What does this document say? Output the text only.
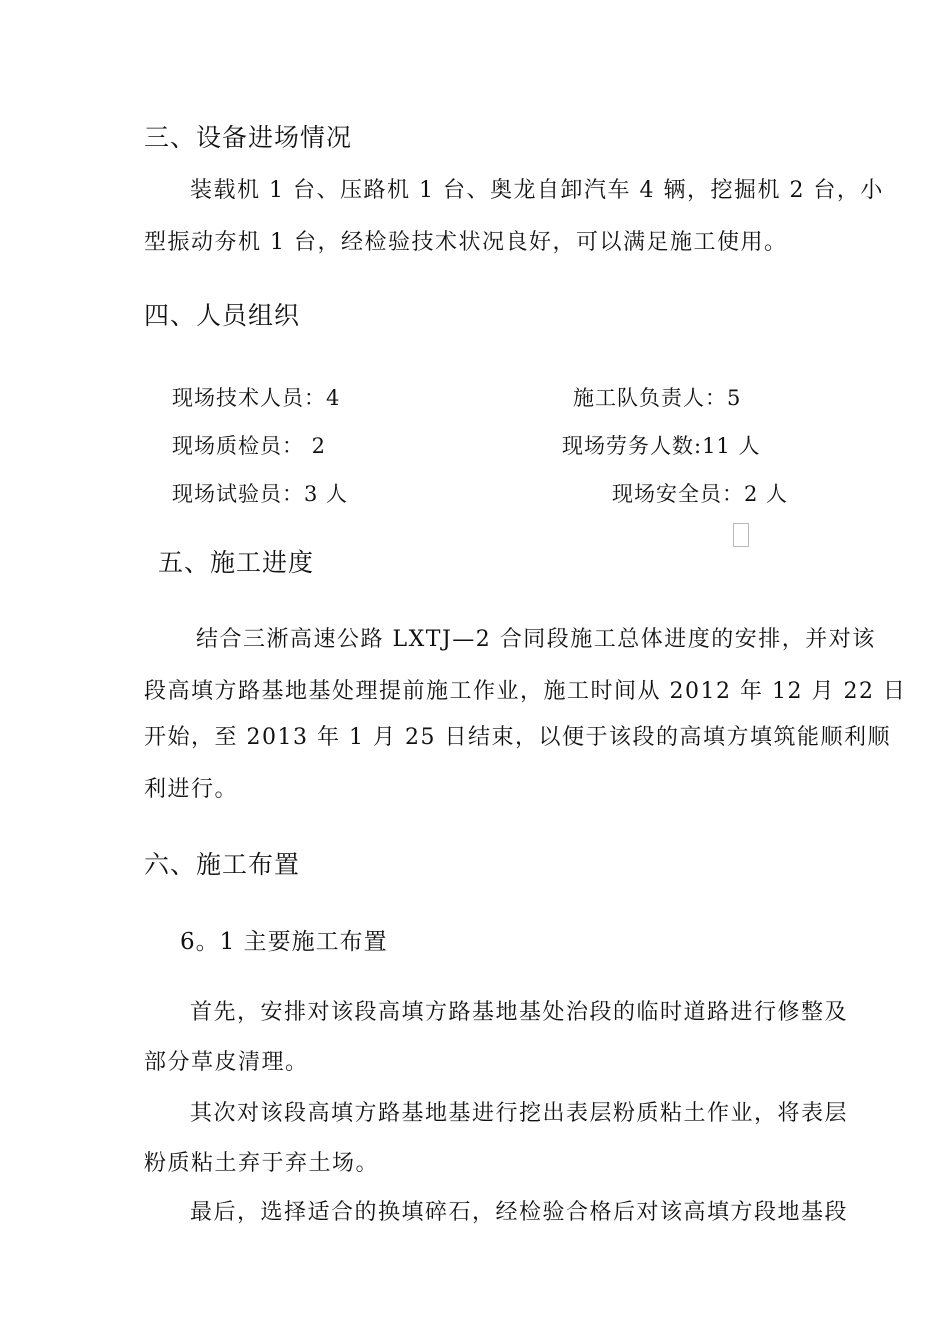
三、设备进场情况
装载机 1 台、压路机 1 台、奥龙自卸汽车 4 辆，挖掘机 2 台，小
型振动夯机 1 台，经检验技术状况良好，可以满足施工使用。
四、人员组织
现场技术人员：4	施工队负责人：5
现场质检员： 2	现场劳务人数:11 人
现场试验员：3 人	现场安全员：2 人
五、施工进度
结合三淅高速公路 LXTJ—2 合同段施工总体进度的安排，并对该
段高填方路基地基处理提前施工作业，施工时间从 2012 年 12 月 22 日
开始，至 2013 年 1 月 25 日结束，以便于该段的高填方填筑能顺利顺
利进行。
六、施工布置
6。1 主要施工布置
首先，安排对该段高填方路基地基处治段的临时道路进行修整及
部分草皮清理。
其次对该段高填方路基地基进行挖出表层粉质粘土作业，将表层
粉质粘土弃于弃土场。
最后，选择适合的换填碎石，经检验合格后对该高填方段地基段
